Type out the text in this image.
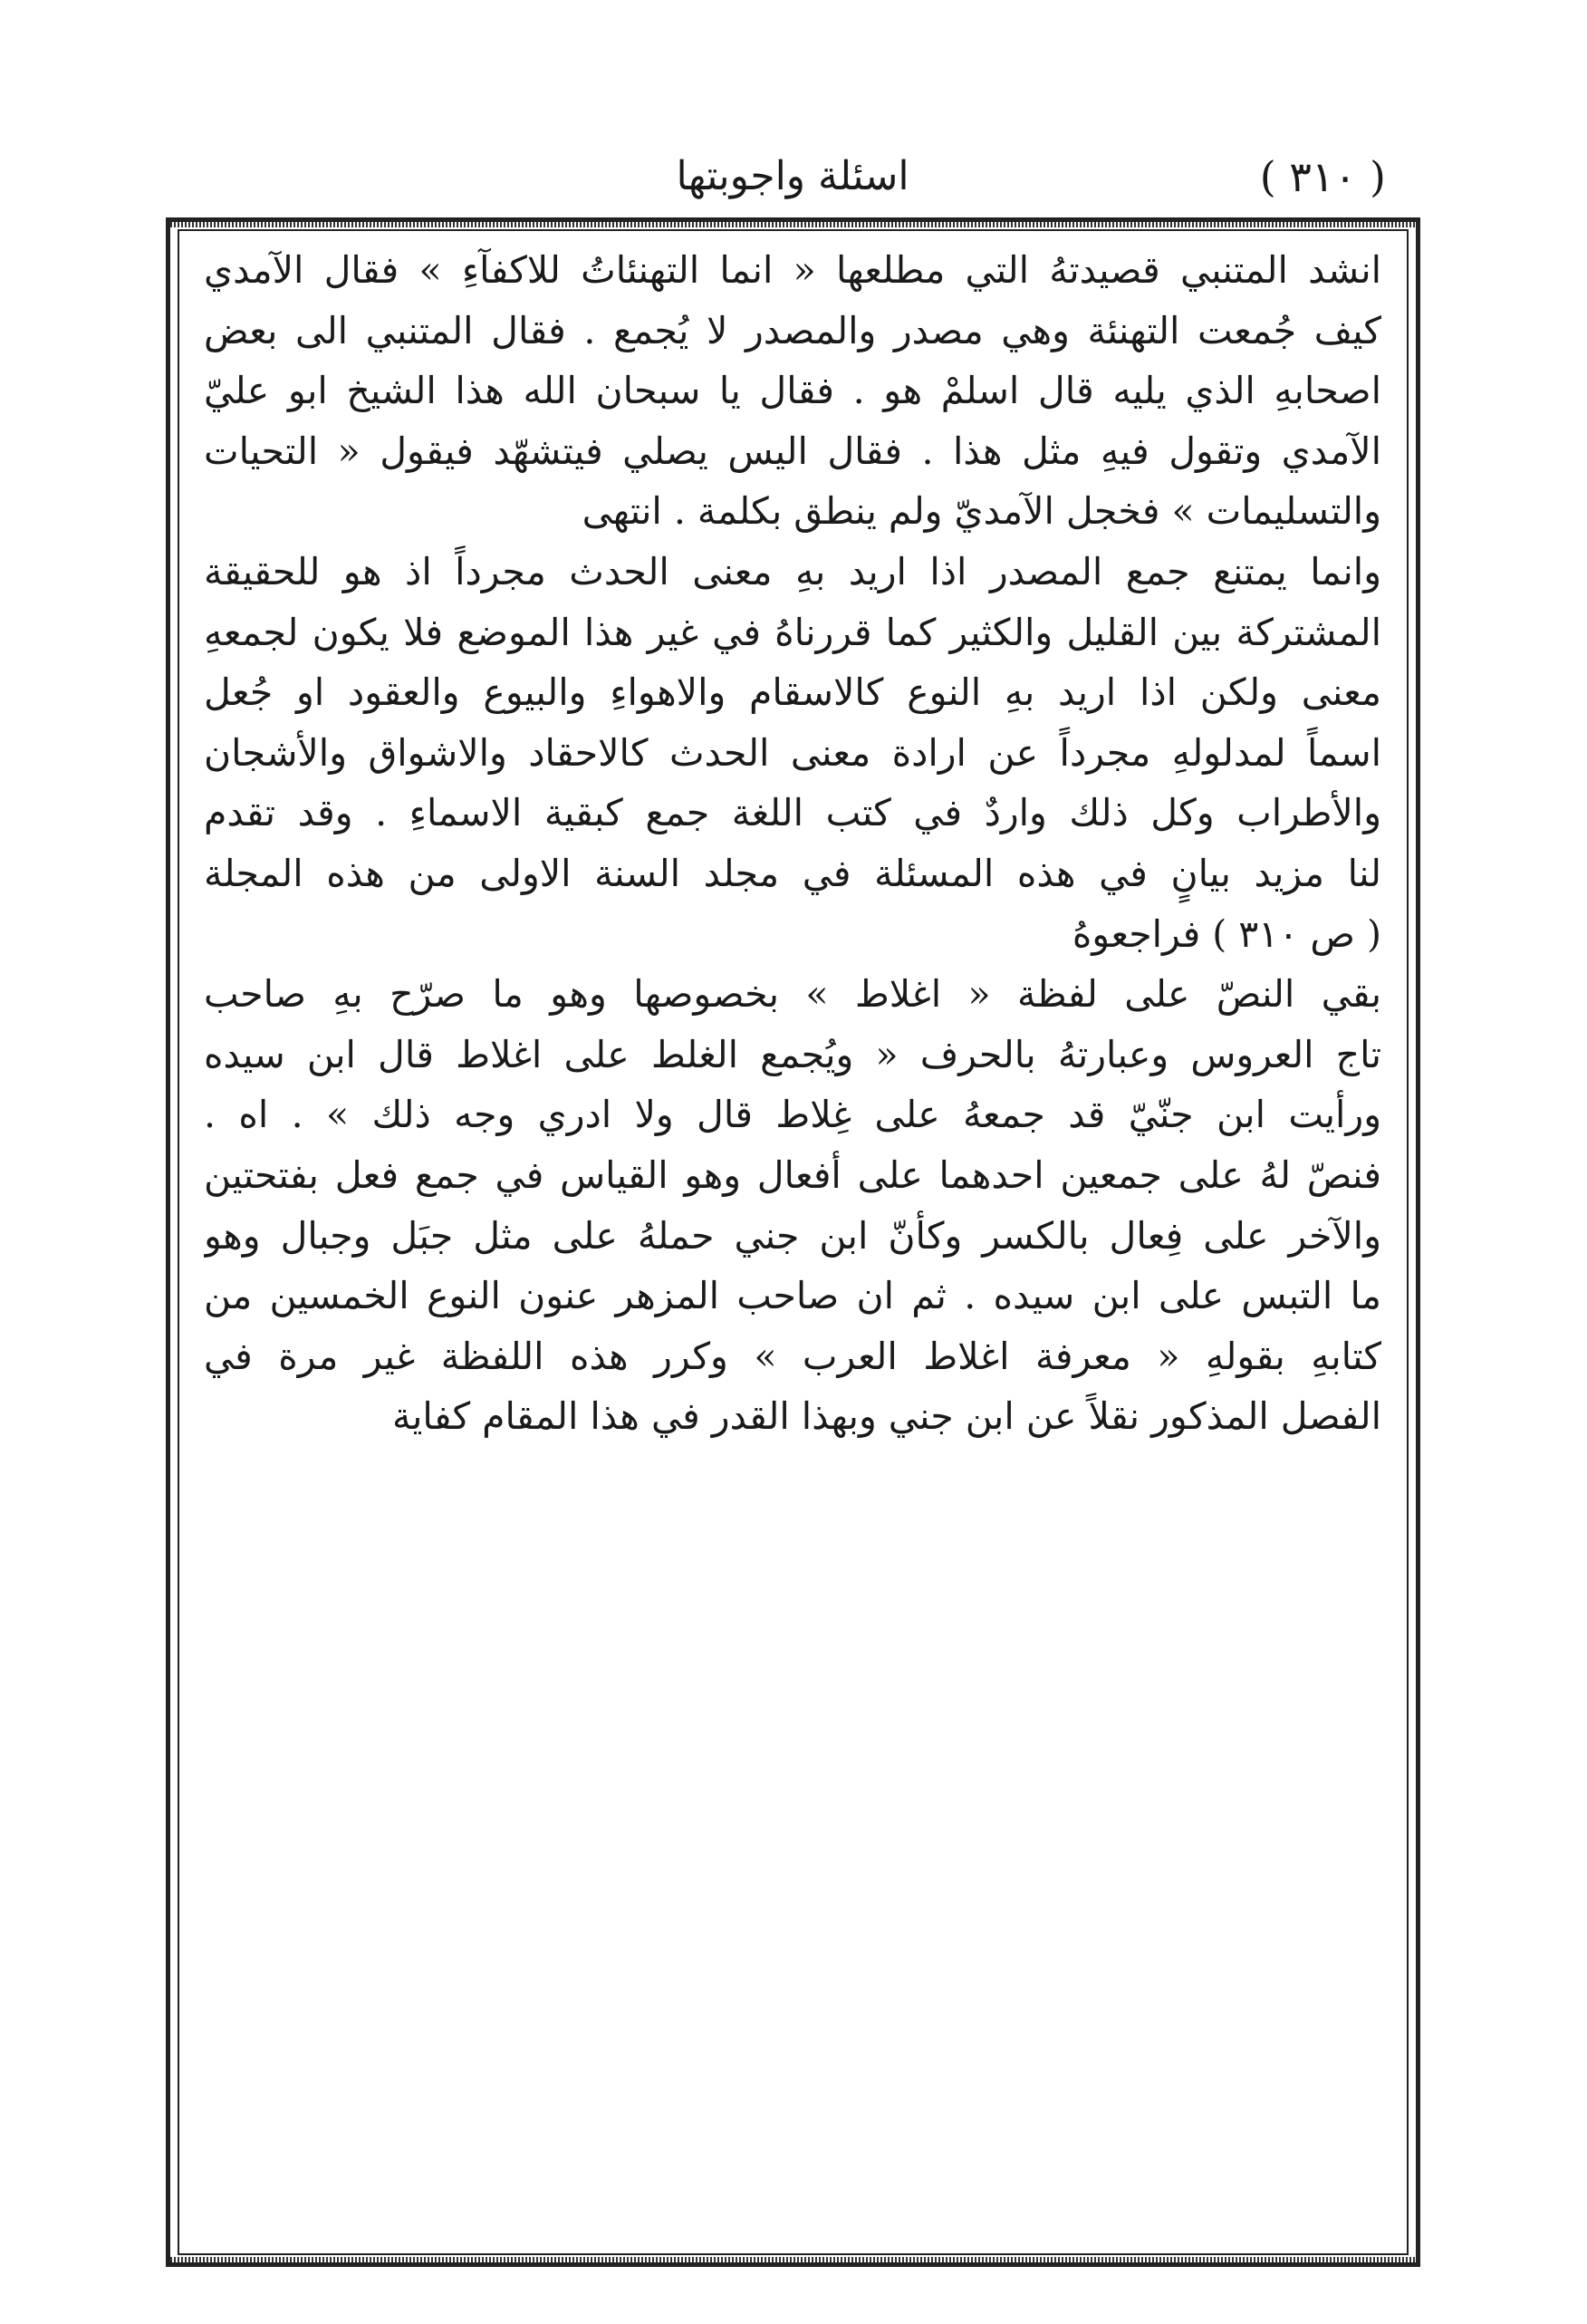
( ٣١٠ )
اسئلة واجوبتها
انشد المتنبي قصيدتهُ التي مطلعها « انما التهنئاتُ للاكفآءِ » فقال الآمدي
كيف جُمعت التهنئة وهي مصدر والمصدر لا يُجمع . فقال المتنبي الى بعض
اصحابهِ الذي يليه قال اسلمْ هو . فقال يا سبحان الله هذا الشيخ ابو عليّ
الآمدي وتقول فيهِ مثل هذا . فقال اليس يصلي فيتشهّد فيقول « التحيات
والتسليمات » فخجل الآمديّ ولم ينطق بكلمة . انتهى
وانما يمتنع جمع المصدر اذا اريد بهِ معنى الحدث مجرداً اذ هو للحقيقة
المشتركة بين القليل والكثير كما قررناهُ في غير هذا الموضع فلا يكون لجمعهِ
معنى ولكن اذا اريد بهِ النوع كالاسقام والاهواءِ والبيوع والعقود او جُعل
اسماً لمدلولهِ مجرداً عن ارادة معنى الحدث كالاحقاد والاشواق والأشجان
والأطراب وكل ذلك واردٌ في كتب اللغة جمع كبقية الاسماءِ . وقد تقدم
لنا مزيد بيانٍ في هذه المسئلة في مجلد السنة الاولى من هذه المجلة
( ص ٣١٠ ) فراجعوهُ
بقي النصّ على لفظة « اغلاط » بخصوصها وهو ما صرّح بهِ صاحب
تاج العروس وعبارتهُ بالحرف « ويُجمع الغلط على اغلاط قال ابن سيده
ورأيت ابن جنّيّ قد جمعهُ على غِلاط قال ولا ادري وجه ذلك » . اه .
فنصّ لهُ على جمعين احدهما على أفعال وهو القياس في جمع فعل بفتحتين
والآخر على فِعال بالكسر وكأنّ ابن جني حملهُ على مثل جبَل وجبال وهو
ما التبس على ابن سيده . ثم ان صاحب المزهر عنون النوع الخمسين من
كتابهِ بقولهِ « معرفة اغلاط العرب » وكرر هذه اللفظة غير مرة في
الفصل المذكور نقلاً عن ابن جني وبهذا القدر في هذا المقام كفاية
